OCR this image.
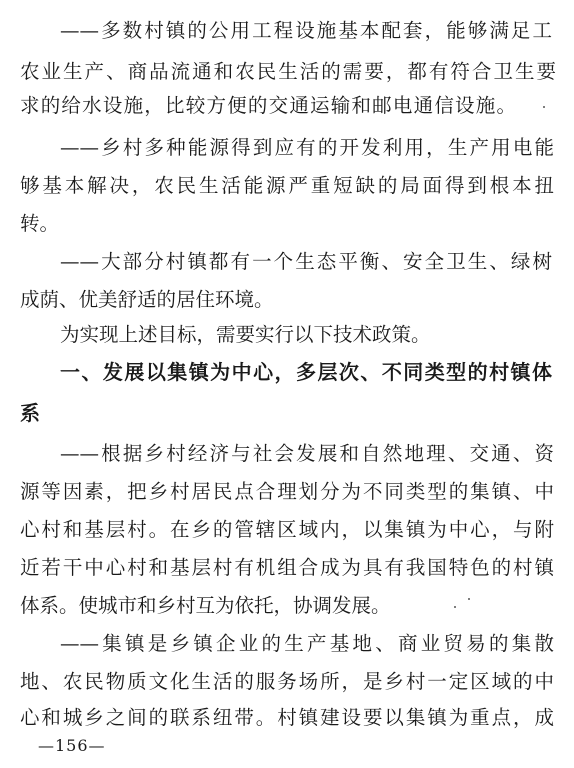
——多数村镇的公用工程设施基本配套，能够满足工
农业生产、商品流通和农民生活的需要，都有符合卫生要
求的给水设施，比较方便的交通运输和邮电通信设施。
——乡村多种能源得到应有的开发利用，生产用电能
够基本解决，农民生活能源严重短缺的局面得到根本扭
转。
——大部分村镇都有一个生态平衡、安全卫生、绿树
成荫、优美舒适的居住环境。
为实现上述目标，需要实行以下技术政策。
一、发展以集镇为中心，多层次、不同类型的村镇体
系
——根据乡村经济与社会发展和自然地理、交通、资
源等因素，把乡村居民点合理划分为不同类型的集镇、中
心村和基层村。在乡的管辖区域内，以集镇为中心，与附
近若干中心村和基层村有机组合成为具有我国特色的村镇
体系。使城市和乡村互为依托，协调发展。
——集镇是乡镇企业的生产基地、商业贸易的集散
地、农民物质文化生活的服务场所，是乡村一定区域的中
心和城乡之间的联系纽带。村镇建设要以集镇为重点，成
—156—
